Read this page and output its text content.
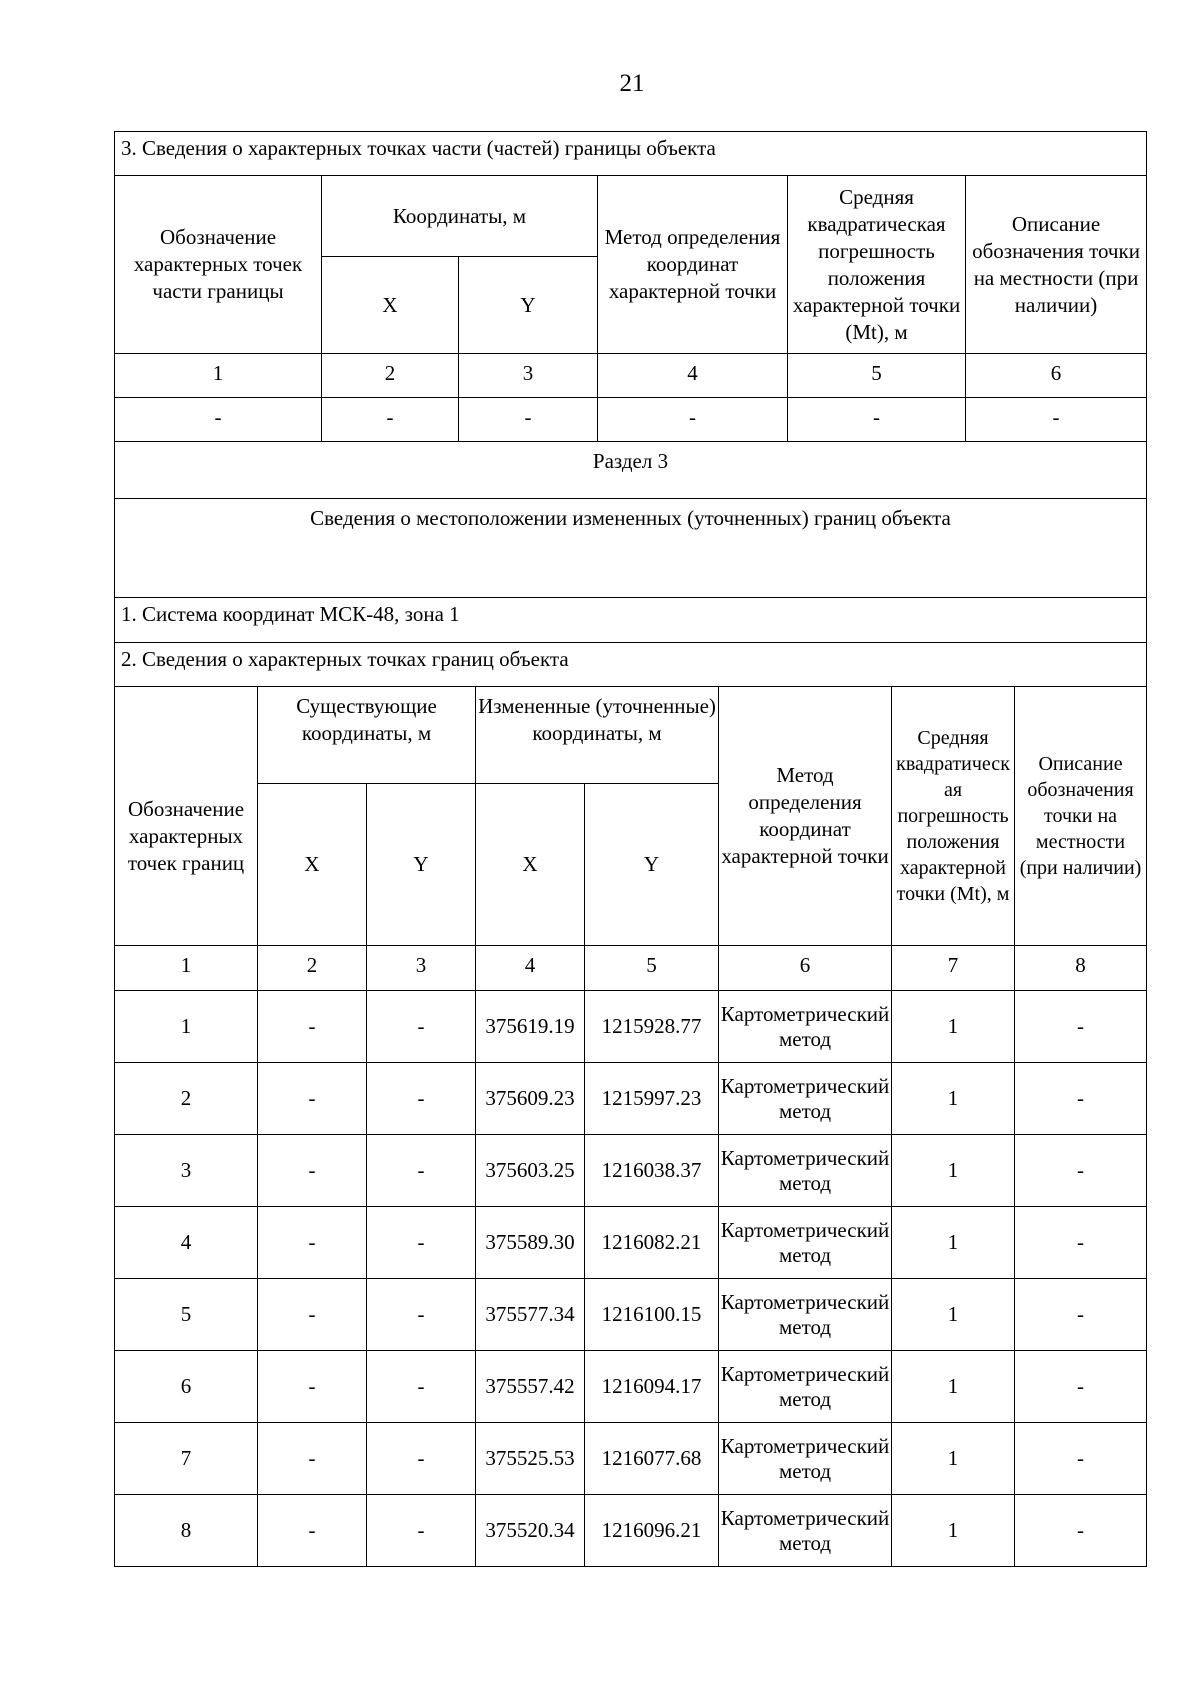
21
3. Сведения о характерных точках части (частей) границы объекта					
Обозначение характерных точек части границы	Координаты, м		Метод определения координат характерной точки	Средняя квадратическая погрешность положения характерной точки (Mt), м	Описание обозначения точки на местности (при наличии)
	X	Y			
1	2	3	4	5	6
-	-	-	-	-	-
Раздел 3
Сведения о местоположении измененных (уточненных) границ объекта
1. Система координат МСК-48, зона 1
2. Сведения о характерных точках границ объекта
Обозначение характерных точек границ	Существующие координаты, м		Измененные (уточненные) координаты, м		Метод определения координат характерной точки	Средняя квадратическая погрешность положения характерной точки (Mt), м	Описание обозначения точки на местности (при наличии)
	X	Y	X	Y			
1	2	3	4	5	6	7	8
1	-	-	375619.19	1215928.77	Картометрический метод	1	-
2	-	-	375609.23	1215997.23	Картометрический метод	1	-
3	-	-	375603.25	1216038.37	Картометрический метод	1	-
4	-	-	375589.30	1216082.21	Картометрический метод	1	-
5	-	-	375577.34	1216100.15	Картометрический метод	1	-
6	-	-	375557.42	1216094.17	Картометрический метод	1	-
7	-	-	375525.53	1216077.68	Картометрический метод	1	-
8	-	-	375520.34	1216096.21	Картометрический метод	1	-
